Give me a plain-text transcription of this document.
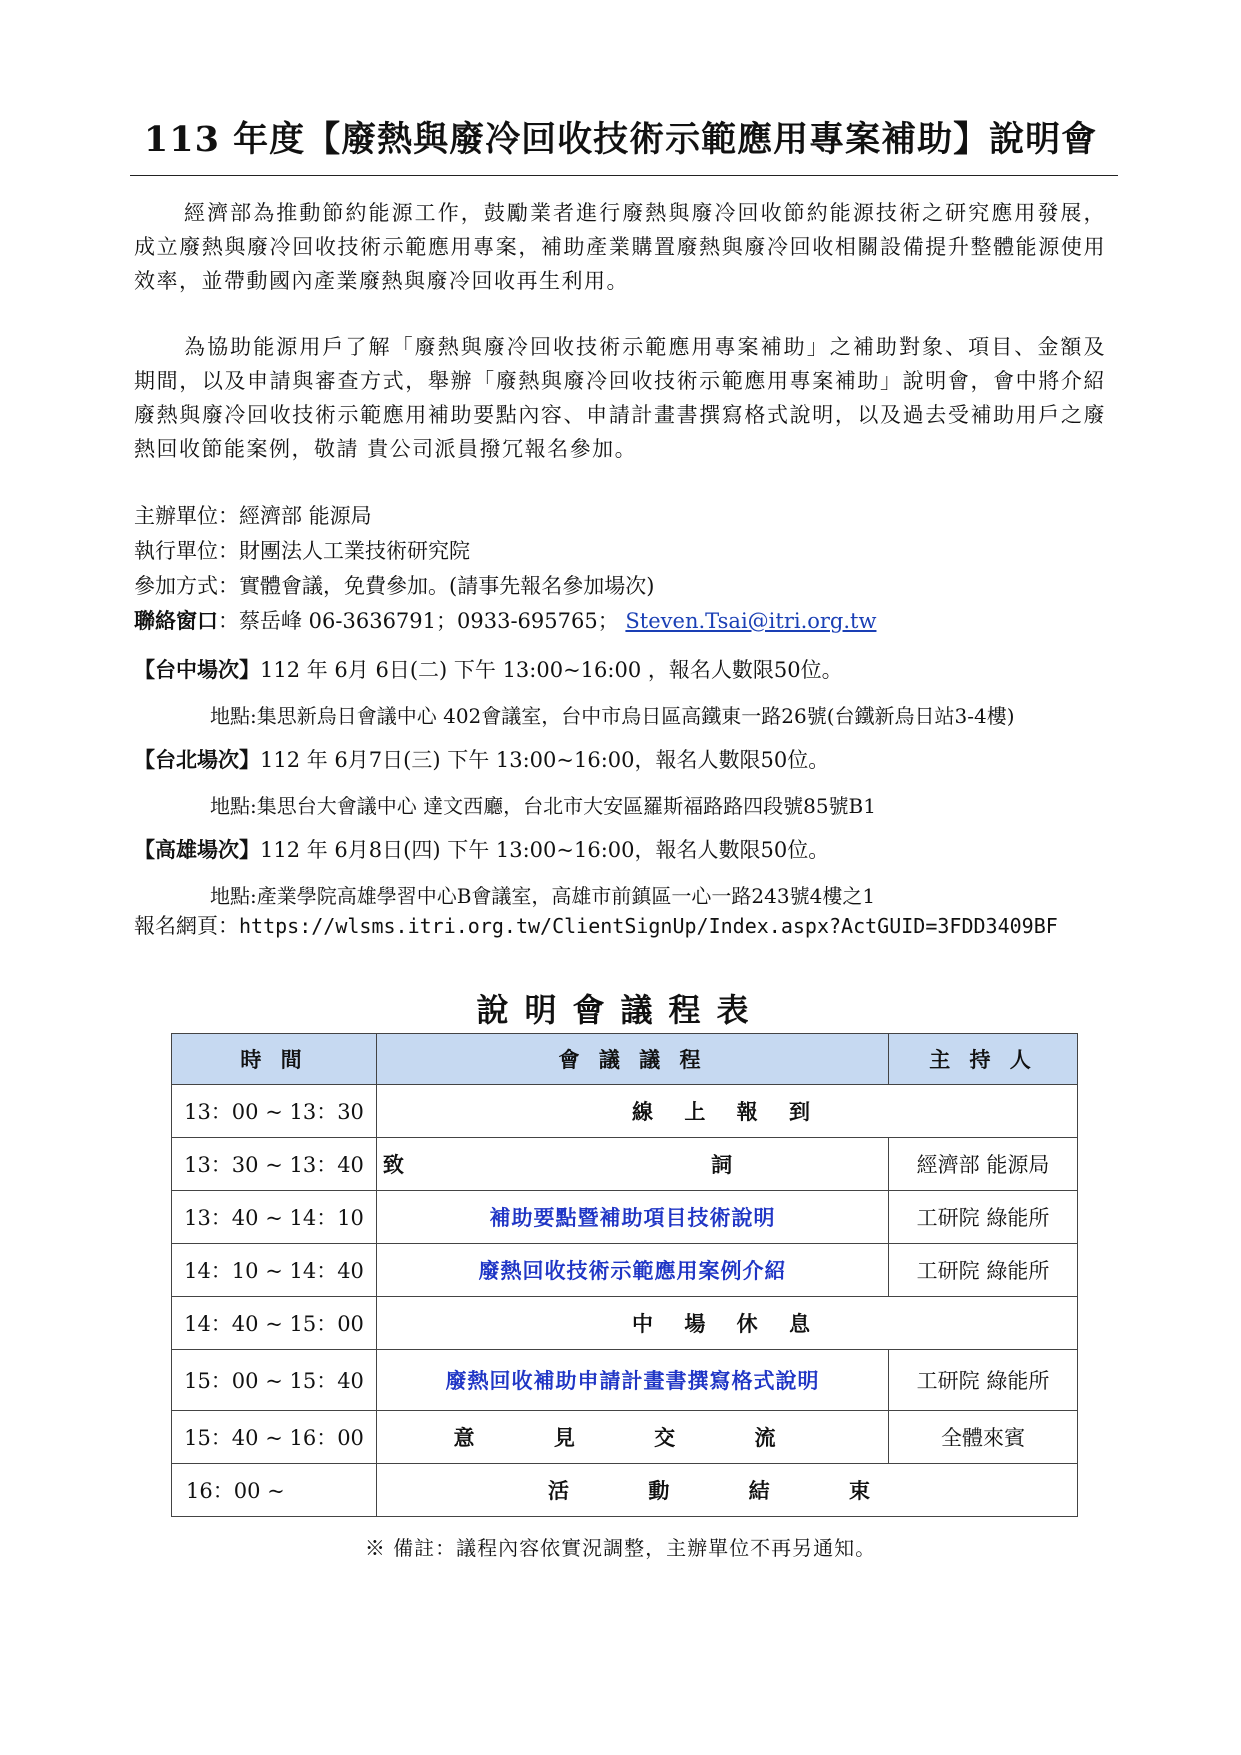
113 年度【廢熱與廢冷回收技術示範應用專案補助】說明會

經濟部為推動節約能源工作，鼓勵業者進行廢熱與廢冷回收節約能源技術之研究應用發展，成立廢熱與廢冷回收技術示範應用專案，補助產業購置廢熱與廢冷回收相關設備提升整體能源使用效率，並帶動國內產業廢熱與廢冷回收再生利用。

為協助能源用戶了解「廢熱與廢冷回收技術示範應用專案補助」之補助對象、項目、金額及期間，以及申請與審查方式，舉辦「廢熱與廢冷回收技術示範應用專案補助」說明會，會中將介紹廢熱與廢冷回收技術示範應用補助要點內容、申請計畫書撰寫格式說明，以及過去受補助用戶之廢熱回收節能案例，敬請 貴公司派員撥冗報名參加。

主辦單位：經濟部 能源局
執行單位：財團法人工業技術研究院
參加方式：實體會議，免費參加。(請事先報名參加場次)
聯絡窗口：蔡岳峰 06-3636791；0933-695765； Steven.Tsai@itri.org.tw
【台中場次】112 年 6月 6日(二) 下午 13:00~16:00 ，報名人數限50位。
地點:集思新烏日會議中心 402會議室，台中市烏日區高鐵東一路26號(台鐵新烏日站3-4樓)
【台北場次】112 年 6月7日(三) 下午 13:00~16:00，報名人數限50位。
地點:集思台大會議中心 達文西廳，台北市大安區羅斯福路路四段號85號B1
【高雄場次】112 年 6月8日(四) 下午 13:00~16:00，報名人數限50位。
地點:產業學院高雄學習中心B會議室，高雄市前鎮區一心一路243號4樓之1
報名網頁：https://wlsms.itri.org.tw/ClientSignUp/Index.aspx?ActGUID=3FDD3409BF
說明會議程表
時 間	會 議 議 程	主 持 人
13：00 ~ 13：30	線 上 報 到	
13：30 ~ 13：40	致 詞	經濟部 能源局
13：40 ~ 14：10	補助要點暨補助項目技術說明	工研院 綠能所
14：10 ~ 14：40	廢熱回收技術示範應用案例介紹	工研院 綠能所
14：40 ~ 15：00	中 場 休 息	
15：00 ~ 15：40	廢熱回收補助申請計畫書撰寫格式說明	工研院 綠能所
15：40 ~ 16：00	意 見 交 流	全體來賓
16：00 ~	活 動 結 束	
※ 備註：議程內容依實況調整，主辦單位不再另通知。
